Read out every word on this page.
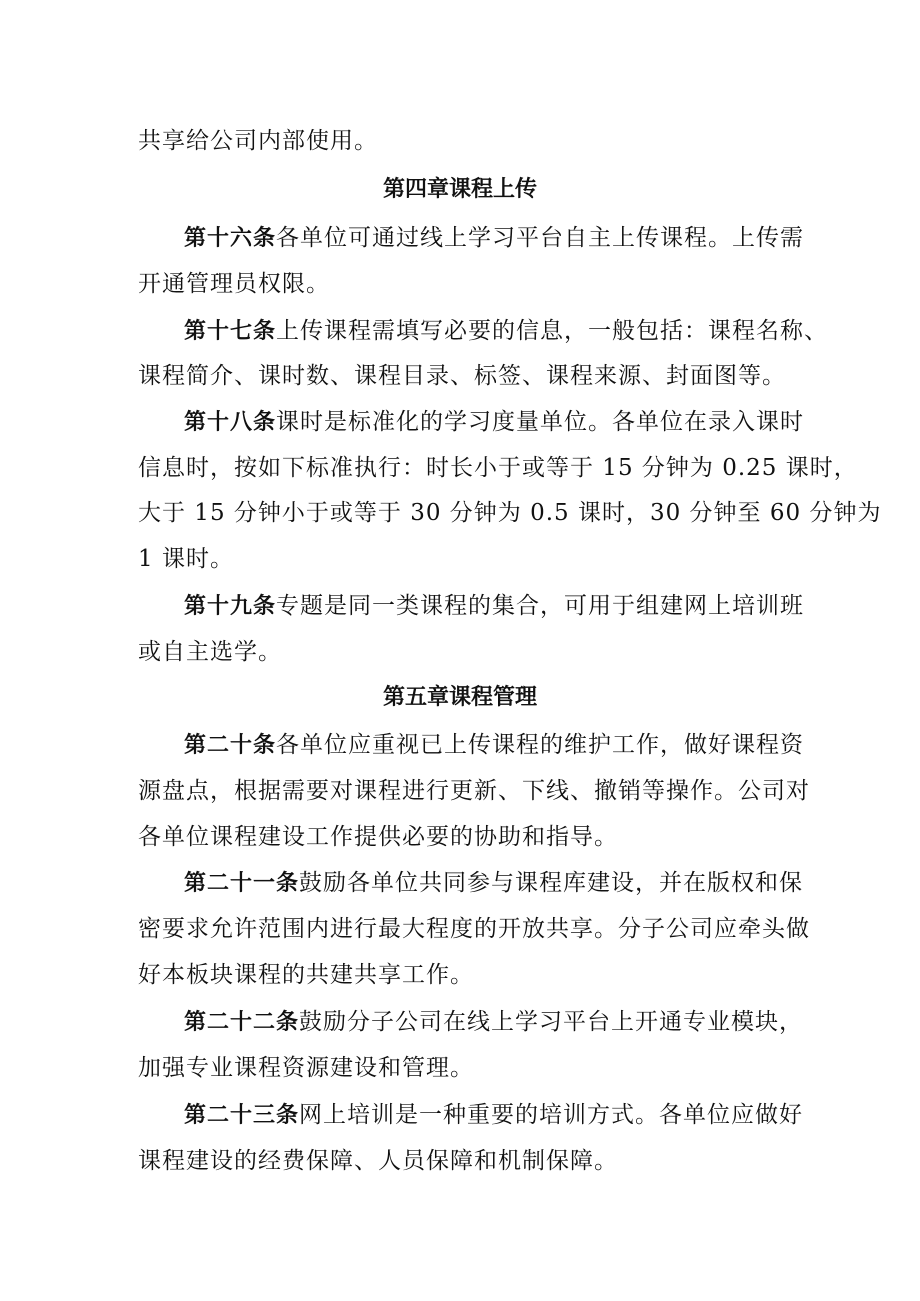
共享给公司内部使用。
第四章课程上传
第十六条各单位可通过线上学习平台自主上传课程。上传需
开通管理员权限。
第十七条上传课程需填写必要的信息，一般包括：课程名称、
课程简介、课时数、课程目录、标签、课程来源、封面图等。
第十八条课时是标准化的学习度量单位。各单位在录入课时
信息时，按如下标准执行：时长小于或等于 15 分钟为 0.25 课时，
大于 15 分钟小于或等于 30 分钟为 0.5 课时，30 分钟至 60 分钟为
1 课时。
第十九条专题是同一类课程的集合，可用于组建网上培训班
或自主选学。
第五章课程管理
第二十条各单位应重视已上传课程的维护工作，做好课程资
源盘点，根据需要对课程进行更新、下线、撤销等操作。公司对
各单位课程建设工作提供必要的协助和指导。
第二十一条鼓励各单位共同参与课程库建设，并在版权和保
密要求允许范围内进行最大程度的开放共享。分子公司应牵头做
好本板块课程的共建共享工作。
第二十二条鼓励分子公司在线上学习平台上开通专业模块，
加强专业课程资源建设和管理。
第二十三条网上培训是一种重要的培训方式。各单位应做好
课程建设的经费保障、人员保障和机制保障。
